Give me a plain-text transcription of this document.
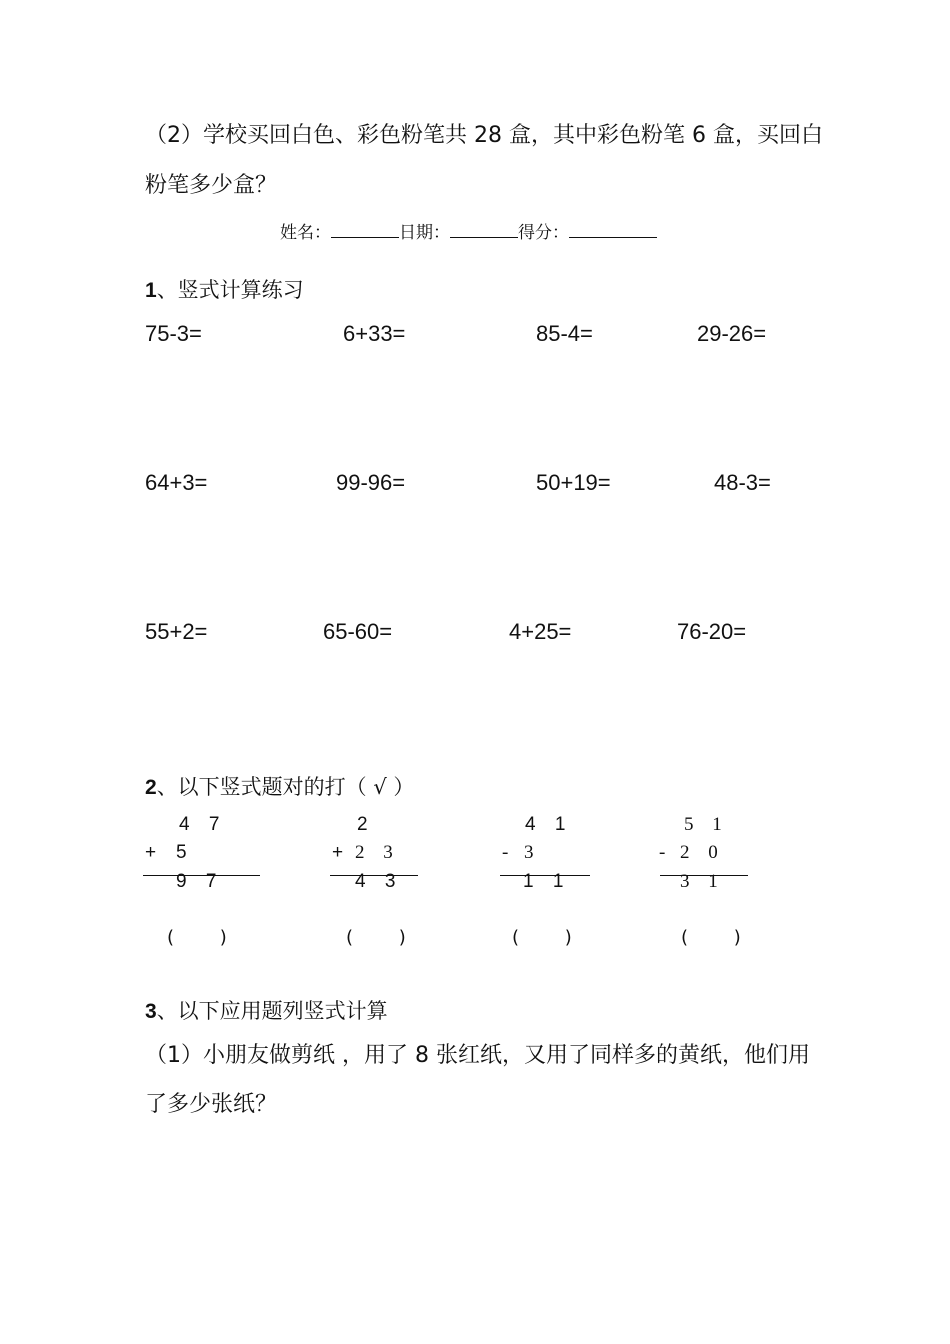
（2）学校买回白色、彩色粉笔共 28 盒，其中彩色粉笔 6 盒，买回白
粉笔多少盒？
姓名：	日期：	得分：
1、竖式计算练习
75-3=	6+33=	85-4=	29-26=
64+3=	99-96=	50+19=	48-3=
55+2=	65-60=	4+25=	76-20=
2、以下竖式题对的打（ √ ）
4 7
+ 5
9 7
(        )
2
+ 2 3
4 3
(        )
4 1
- 3
1 1
(        )
5 1
- 2 0
3 1
(        )
3、以下应用题列竖式计算
（1）小朋友做剪纸 ，用了 8 张红纸，又用了同样多的黄纸，他们用
了多少张纸？
